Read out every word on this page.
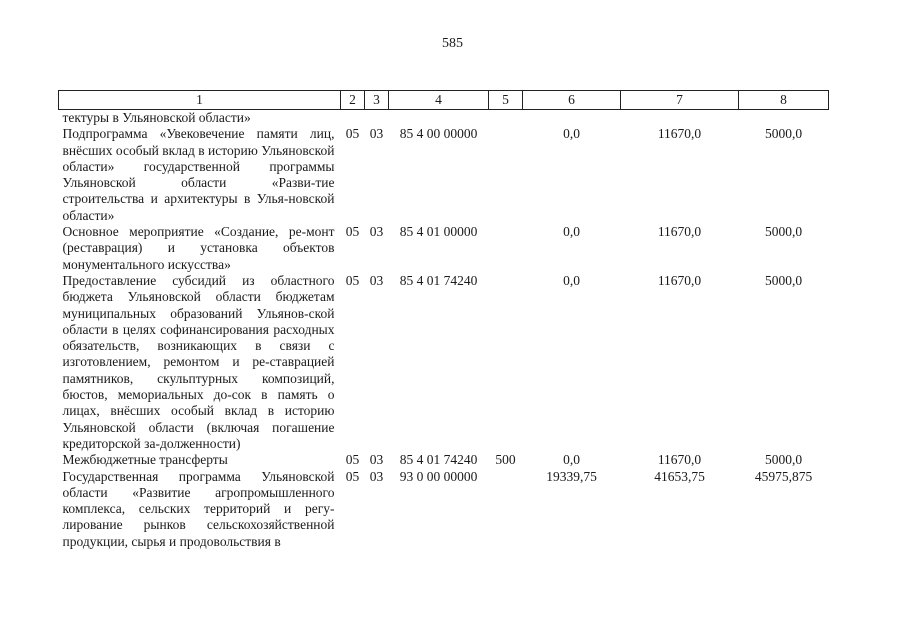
585
1	2	3	4	5	6	7	8
тектуры в Ульяновской области»							
Подпрограмма «Увековечение памяти лиц, внёсших особый вклад в историю Ульяновской области» государственной программы Ульяновской области «Разви-тие строительства и архитектуры в Улья-новской области»	05	03	85 4 00 00000		0,0	11670,0	5000,0
Основное мероприятие «Создание, ре-монт (реставрация) и установка объектов монументального искусства»	05	03	85 4 01 00000		0,0	11670,0	5000,0
Предоставление субсидий из областного бюджета Ульяновской области бюджетам муниципальных образований Ульянов-ской области в целях софинансирования расходных обязательств, возникающих в связи с изготовлением, ремонтом и ре-ставрацией памятников, скульптурных композиций, бюстов, мемориальных до-сок в память о лицах, внёсших особый вклад в историю Ульяновской области (включая погашение кредиторской за-долженности)	05	03	85 4 01 74240		0,0	11670,0	5000,0
Межбюджетные трансферты	05	03	85 4 01 74240	500	0,0	11670,0	5000,0
Государственная программа Ульяновской области «Развитие агропромышленного комплекса, сельских территорий и регу-лирование рынков сельскохозяйственной продукции, сырья и продовольствия в	05	03	93 0 00 00000		19339,75	41653,75	45975,875
